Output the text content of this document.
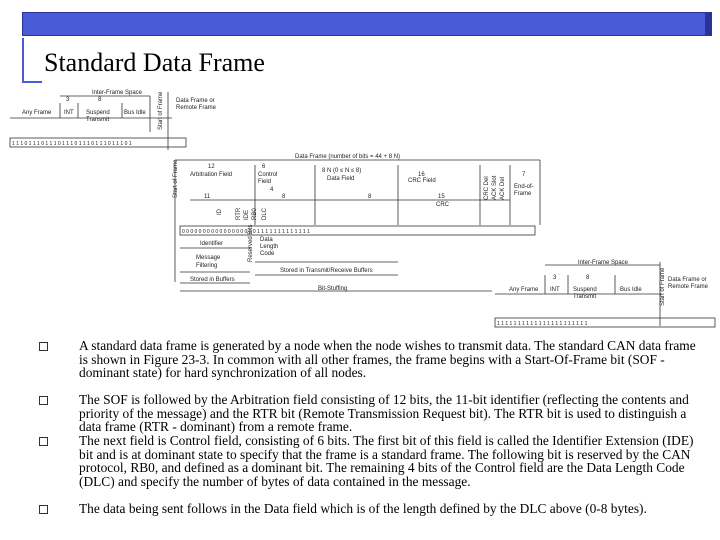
Standard Data Frame
Inter-Frame Space
3	8
Any Frame INT Suspend
Transmit
Bus Idle
Data Frame or
Remote Frame
Start of Frame
1 1 1 0 1 1 1 0 1 1 1 0 1 1 1 0 1 1 1 0 1 1 1 0 1 1 1 0 1
Data Frame (number of bits = 44 + 8 N)
12
Arbitration Field
6
Control
Field
4
8 N (0 ≤ N ≤ 8)
Data Field
16
CRC Field
7
End-of-
Frame
11	15
CRC
8	8
ID RTR IDE RB0 DLC
Start of Frame	CRC Del ACK Slot ACK Del
0 0 0 0 0 0 0 0 0 0 0 0 0 0 0 0 0 0 1 1 1 1 1 1 1 1 1 1 1 1 1
Identifier
Message
Filtering
Reserved Bits Data
Length
Code
Stored in Buffers
Stored in Transmit/Receive Buffers
Bit-Stuffing
Inter-Frame Space
3	8
Any Frame INT Suspend
Transmit
Bus Idle
Data Frame or
Remote Frame
Start of Frame
1 1 1 1 1 1 1 1 1 1 1 1 1 1 1 1 1 1 1 1 1 1
A standard data frame is generated by a node when the node wishes to transmit data. The standard CAN data frame is shown in Figure 23-3. In common with all other frames, the frame begins with a Start-Of-Frame bit (SOF - dominant state) for hard synchronization of all nodes.
The SOF is followed by the Arbitration field consisting of 12 bits, the 11-bit identifier (reflecting the contents and priority of the message) and the RTR bit (Remote Transmission Request bit). The RTR bit is used to distinguish a data frame (RTR - dominant) from a remote frame.
The next field is Control field, consisting of 6 bits. The first bit of this field is called the Identifier Extension (IDE) bit and is at dominant state to specify that the frame is a standard frame. The following bit is reserved by the CAN protocol, RB0, and defined as a dominant bit. The remaining 4 bits of the Control field are the Data Length Code (DLC) and specify the number of bytes of data contained in the message.
The data being sent follows in the Data field which is of the length defined by the DLC above (0-8 bytes).
